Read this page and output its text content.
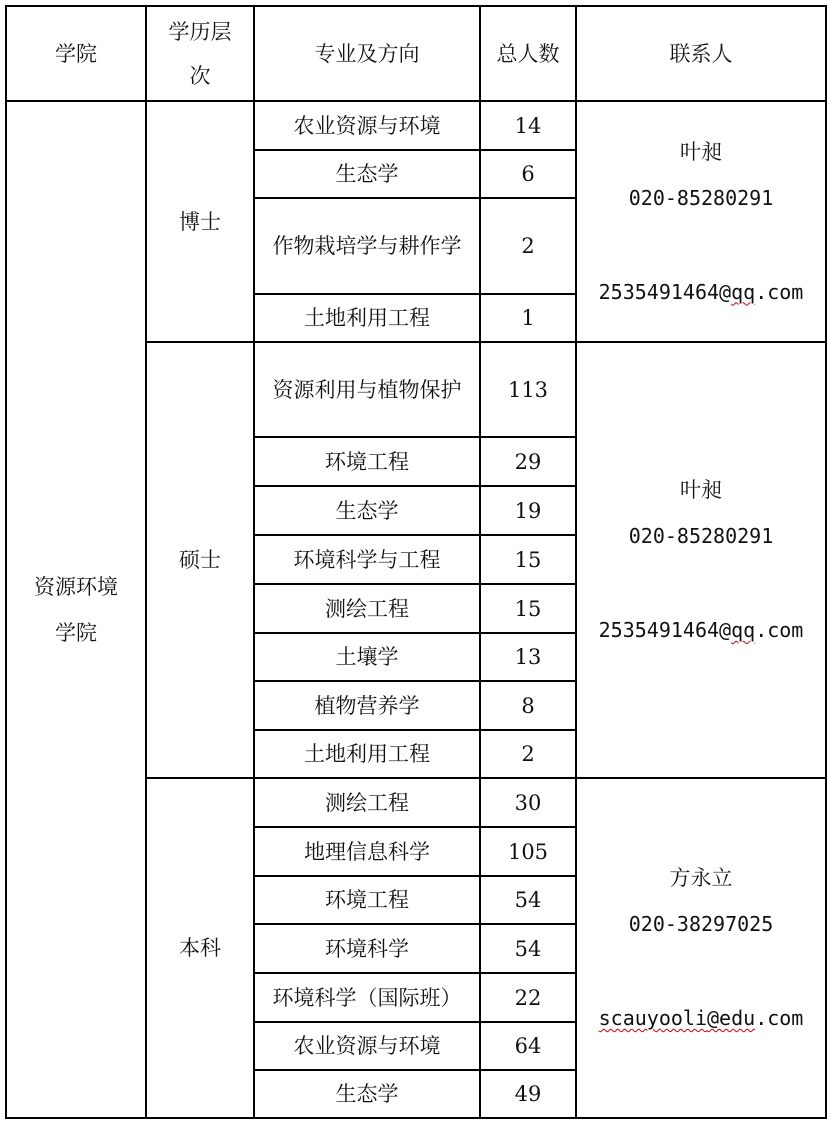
学院	学历层次	专业及方向	总人数	联系人

资源环境学院	博士	农业资源与环境	14	叶昶
020-85280291
2535491464@qq.com

		生态学	6	

		作物栽培学与耕作学	2	
		土地利用工程	1	
	硕士	资源利用与植物保护	113	叶昶
020-85280291
2535491464@qq.com

		环境工程	29	
		生态学	19	
		环境科学与工程	15	
		测绘工程	15	
		土壤学	13	
		植物营养学	8	
		土地利用工程	2	
	本科	测绘工程	30	方永立
020-38297025
scauyooli@edu.com

		地理信息科学	105	
		环境工程	54	
		环境科学	54	
		环境科学（国际班）	22	
		农业资源与环境	64	
		生态学	49	
